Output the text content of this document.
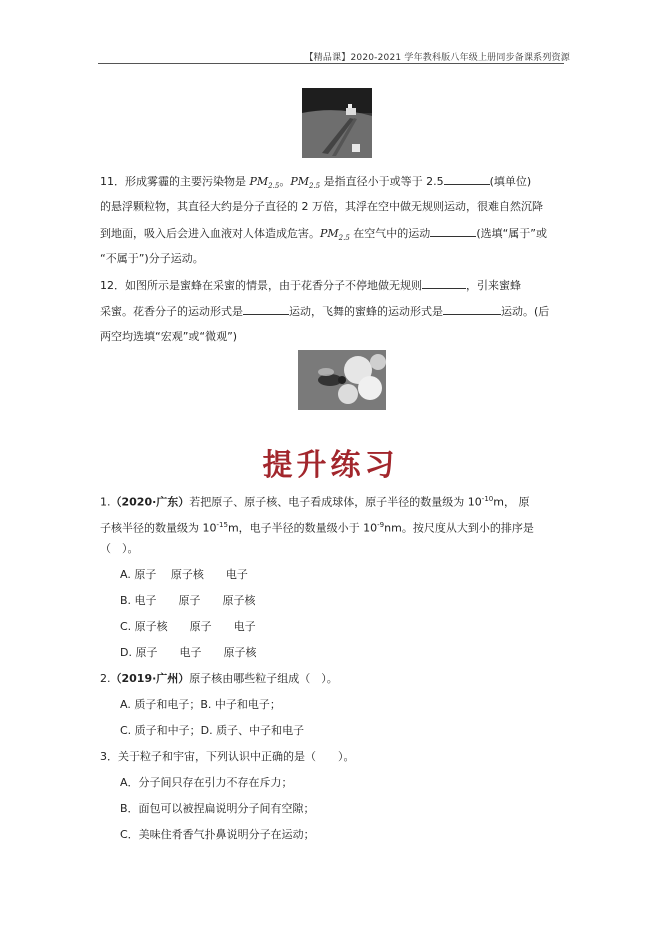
【精品课】2020-2021 学年教科版八年级上册同步备课系列资源
11．形成雾霾的主要污染物是 $PM_{2.5}$。$PM_{2.5}$ 是指直径小于或等于 2.5	(填单位)
的悬浮颗粒物，其直径大约是分子直径的 2 万倍，其浮在空中做无规则运动，很难自然沉降
到地面，吸入后会进入血液对人体造成危害。$PM_{2.5}$ 在空气中的运动	(选填“属于”或
“不属于”)分子运动。
12．如图所示是蜜蜂在采蜜的情景，由于花香分子不停地做无规则	，引来蜜蜂
采蜜。花香分子的运动形式是	运动，飞舞的蜜蜂的运动形式是	运动。(后
两空均选填“宏观”或“微观”)
提升练习
1.（2020·广东）若把原子、原子核、电子看成球体，原子半径的数量级为 $10^{-10}m$， 原
子核半径的数量级为 $10^{-15}m$，电子半径的数量级小于 $10^{-9}nm$。按尺度从大到小的排序是
（　）。
A. 原子　 原子核　　电子
B. 电子　　原子　　原子核
C. 原子核　　原子　　电子
D. 原子　　电子　　原子核
2.（2019·广州）原子核由哪些粒子组成（　）。
A. 质子和电子；B. 中子和电子；
C. 质子和中子；D. 质子、中子和电子
3．关于粒子和宇宙，下列认识中正确的是（　　）。
A．分子间只存在引力不存在斥力；
B．面包可以被捏扁说明分子间有空隙；
C．美味住肴香气扑鼻说明分子在运动；
